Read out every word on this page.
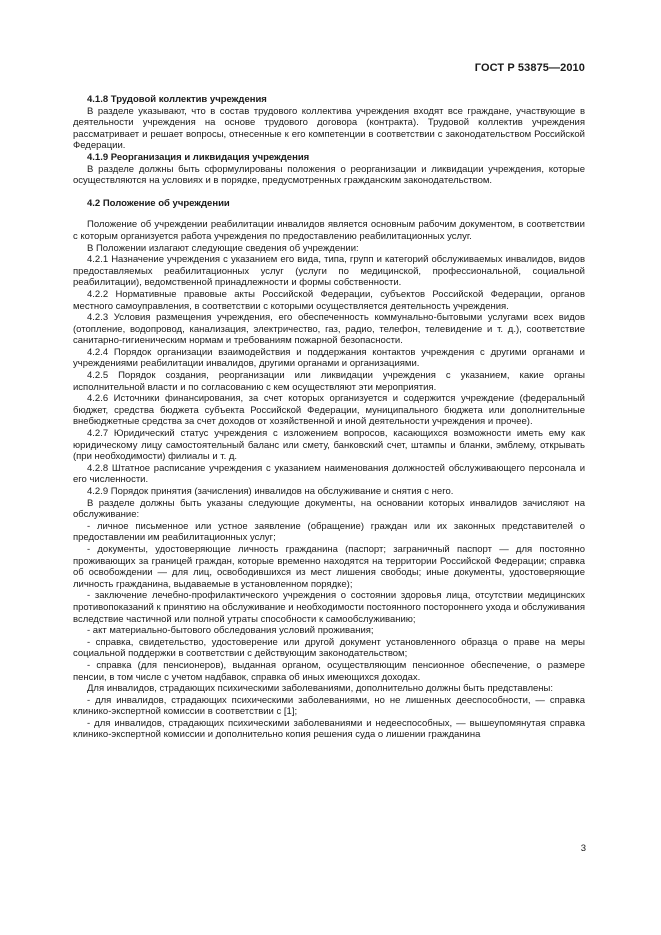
ГОСТ Р 53875—2010
4.1.8 Трудовой коллектив учреждения

В разделе указывают, что в состав трудового коллектива учреждения входят все граждане, участвующие в деятельности учреждения на основе трудового договора (контракта). Трудовой коллектив учреждения рассматривает и решает вопросы, отнесенные к его компетенции в соответствии с законодательством Российской Федерации.

4.1.9 Реорганизация и ликвидация учреждения

В разделе должны быть сформулированы положения о реорганизации и ликвидации учреждения, которые осуществляются на условиях и в порядке, предусмотренных гражданским законодательством.

4.2 Положение об учреждении

Положение об учреждении реабилитации инвалидов является основным рабочим документом, в соответствии с которым организуется работа учреждения по предоставлению реабилитационных услуг.

В Положении излагают следующие сведения об учреждении:

4.2.1 Назначение учреждения с указанием его вида, типа, групп и категорий обслуживаемых инвалидов, видов предоставляемых реабилитационных услуг (услуги по медицинской, профессиональной, социальной реабилитации), ведомственной принадлежности и формы собственности.

4.2.2 Нормативные правовые акты Российской Федерации, субъектов Российской Федерации, органов местного самоуправления, в соответствии с которыми осуществляется деятельность учреждения.

4.2.3 Условия размещения учреждения, его обеспеченность коммунально-бытовыми услугами всех видов (отопление, водопровод, канализация, электричество, газ, радио, телефон, телевидение и т. д.), соответствие санитарно-гигиеническим нормам и требованиям пожарной безопасности.

4.2.4 Порядок организации взаимодействия и поддержания контактов учреждения с другими органами и учреждениями реабилитации инвалидов, другими органами и организациями.

4.2.5 Порядок создания, реорганизации или ликвидации учреждения с указанием, какие органы исполнительной власти и по согласованию с кем осуществляют эти мероприятия.

4.2.6 Источники финансирования, за счет которых организуется и содержится учреждение (федеральный бюджет, средства бюджета субъекта Российской Федерации, муниципального бюджета или дополнительные внебюджетные средства за счет доходов от хозяйственной и иной деятельности учреждения и прочее).

4.2.7 Юридический статус учреждения с изложением вопросов, касающихся возможности иметь ему как юридическому лицу самостоятельный баланс или смету, банковский счет, штампы и бланки, эмблему, открывать (при необходимости) филиалы и т. д.

4.2.8 Штатное расписание учреждения с указанием наименования должностей обслуживающего персонала и его численности.

4.2.9 Порядок принятия (зачисления) инвалидов на обслуживание и снятия с него.

В разделе должны быть указаны следующие документы, на основании которых инвалидов зачисляют на обслуживание:

- личное письменное или устное заявление (обращение) граждан или их законных представителей о предоставлении им реабилитационных услуг;

- документы, удостоверяющие личность гражданина (паспорт; заграничный паспорт — для постоянно проживающих за границей граждан, которые временно находятся на территории Российской Федерации; справка об освобождении — для лиц, освободившихся из мест лишения свободы; иные документы, удостоверяющие личность гражданина, выдаваемые в установленном порядке);

- заключение лечебно-профилактического учреждения о состоянии здоровья лица, отсутствии медицинских противопоказаний к принятию на обслуживание и необходимости постоянного постороннего ухода и обслуживания вследствие частичной или полной утраты способности к самообслуживанию;

- акт материально-бытового обследования условий проживания;

- справка, свидетельство, удостоверение или другой документ установленного образца о праве на меры социальной поддержки в соответствии с действующим законодательством;

- справка (для пенсионеров), выданная органом, осуществляющим пенсионное обеспечение, о размере пенсии, в том числе с учетом надбавок, справка об иных имеющихся доходах.

Для инвалидов, страдающих психическими заболеваниями, дополнительно должны быть представлены:

- для инвалидов, страдающих психическими заболеваниями, но не лишенных дееспособности, — справка клинико-экспертной комиссии в соответствии с [1];

- для инвалидов, страдающих психическими заболеваниями и недееспособных, — вышеупомянутая справка клинико-экспертной комиссии и дополнительно копия решения суда о лишении гражданина

3
